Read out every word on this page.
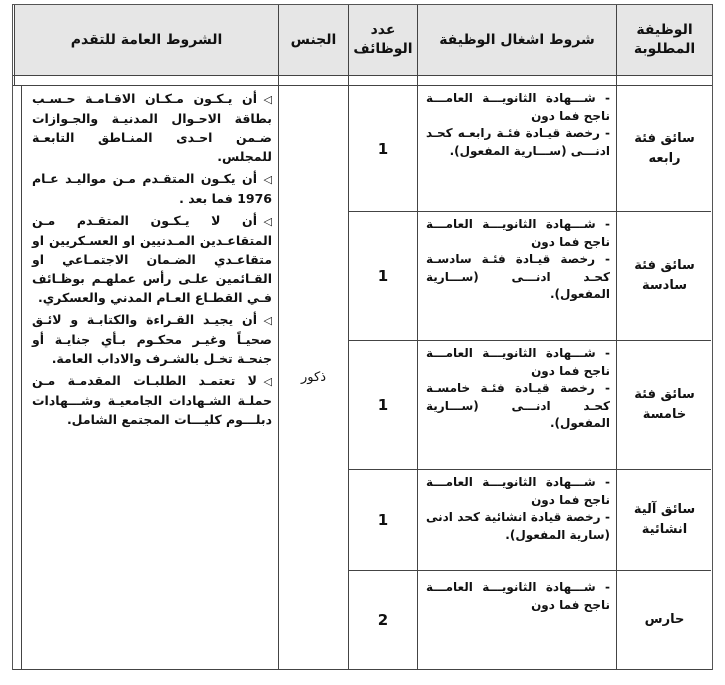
الوظيفة المطلوبة
شروط اشغال الوظيفة
عدد الوظائف
الجنس
الشروط العامة للتقدم
سائق فئة رابعه

- شـــهادة الثانويـــة العامـــة ناجح فما دون

- رخصة قيـادة فئـة رابعـه كحـد ادنـــى (ســـارية المفعول).

1
سائق فئة سادسة

- شـــهادة الثانويـــة العامـــة ناجح فما دون

- رخصة قيـادة فئـة سادسـة كحـد ادنـــى (ســـارية المفعول).

1
سائق فئة خامسة

- شـــهادة الثانويـــة العامـــة ناجح فما دون

- رخصة قيـادة فئـة خامسـة كحـد ادنـــى (ســـارية المفعول).

1
سائق آلية انشائية

- شـــهادة الثانويـــة العامـــة ناجح فما دون

- رخصة قيادة انشائية كحد ادنى (سارية المفعول).

1
حارس

- شـــهادة الثانويـــة العامـــة ناجح فما دون

2
ذكور

◁أن يـكـون مـكـان الاقـامـة حـسـب بطاقة الاحـوال المدنيـة والجـوازات ضـمن احـدى المنـاطق التابعـة للمجلس.

◁أن يكـون المتقـدم مـن مواليـد عـام 1976 فما بعد .

◁أن لا يـكـون المتقـدم مـن المتقاعـدين المـدنيين او العسـكريين او متقاعـدي الضـمان الاجتمـاعي او القـائمين علـى رأس عملهـم بوظـائف فـي القطـاع العـام المدني والعسكري.

◁أن يجيـد القـراءة والكتابـة و لائـق صحيـاً وغيـر محكـوم بـأي جنايـة أو جنحـة تخـل بالشـرف والاداب العامة.

◁لا تعتمـد الطلبـات المقدمـة مـن حملـة الشـهادات الجامعيـة وشـــهادات دبلـــوم كليـــات المجتمع الشامل.
